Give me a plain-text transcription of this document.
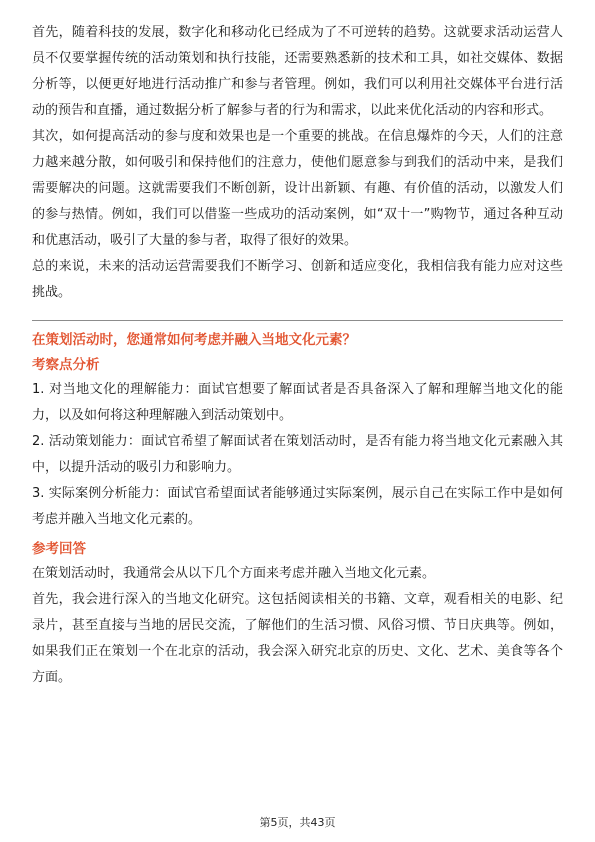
首先，随着科技的发展，数字化和移动化已经成为了不可逆转的趋势。这就要求活动运营人员不仅要掌握传统的活动策划和执行技能，还需要熟悉新的技术和工具，如社交媒体、数据分析等，以便更好地进行活动推广和参与者管理。例如，我们可以利用社交媒体平台进行活动的预告和直播，通过数据分析了解参与者的行为和需求，以此来优化活动的内容和形式。

其次，如何提高活动的参与度和效果也是一个重要的挑战。在信息爆炸的今天，人们的注意力越来越分散，如何吸引和保持他们的注意力，使他们愿意参与到我们的活动中来，是我们需要解决的问题。这就需要我们不断创新，设计出新颖、有趣、有价值的活动，以激发人们的参与热情。例如，我们可以借鉴一些成功的活动案例，如“双十一”购物节，通过各种互动和优惠活动，吸引了大量的参与者，取得了很好的效果。

总的来说，未来的活动运营需要我们不断学习、创新和适应变化，我相信我有能力应对这些挑战。

在策划活动时，您通常如何考虑并融入当地文化元素？

考察点分析

1. 对当地文化的理解能力：面试官想要了解面试者是否具备深入了解和理解当地文化的能力，以及如何将这种理解融入到活动策划中。

2. 活动策划能力：面试官希望了解面试者在策划活动时，是否有能力将当地文化元素融入其中，以提升活动的吸引力和影响力。

3. 实际案例分析能力：面试官希望面试者能够通过实际案例，展示自己在实际工作中是如何考虑并融入当地文化元素的。

参考回答

在策划活动时，我通常会从以下几个方面来考虑并融入当地文化元素。

首先，我会进行深入的当地文化研究。这包括阅读相关的书籍、文章，观看相关的电影、纪录片，甚至直接与当地的居民交流，了解他们的生活习惯、风俗习惯、节日庆典等。例如，如果我们正在策划一个在北京的活动，我会深入研究北京的历史、文化、艺术、美食等各个方面。

第5页，共43页
